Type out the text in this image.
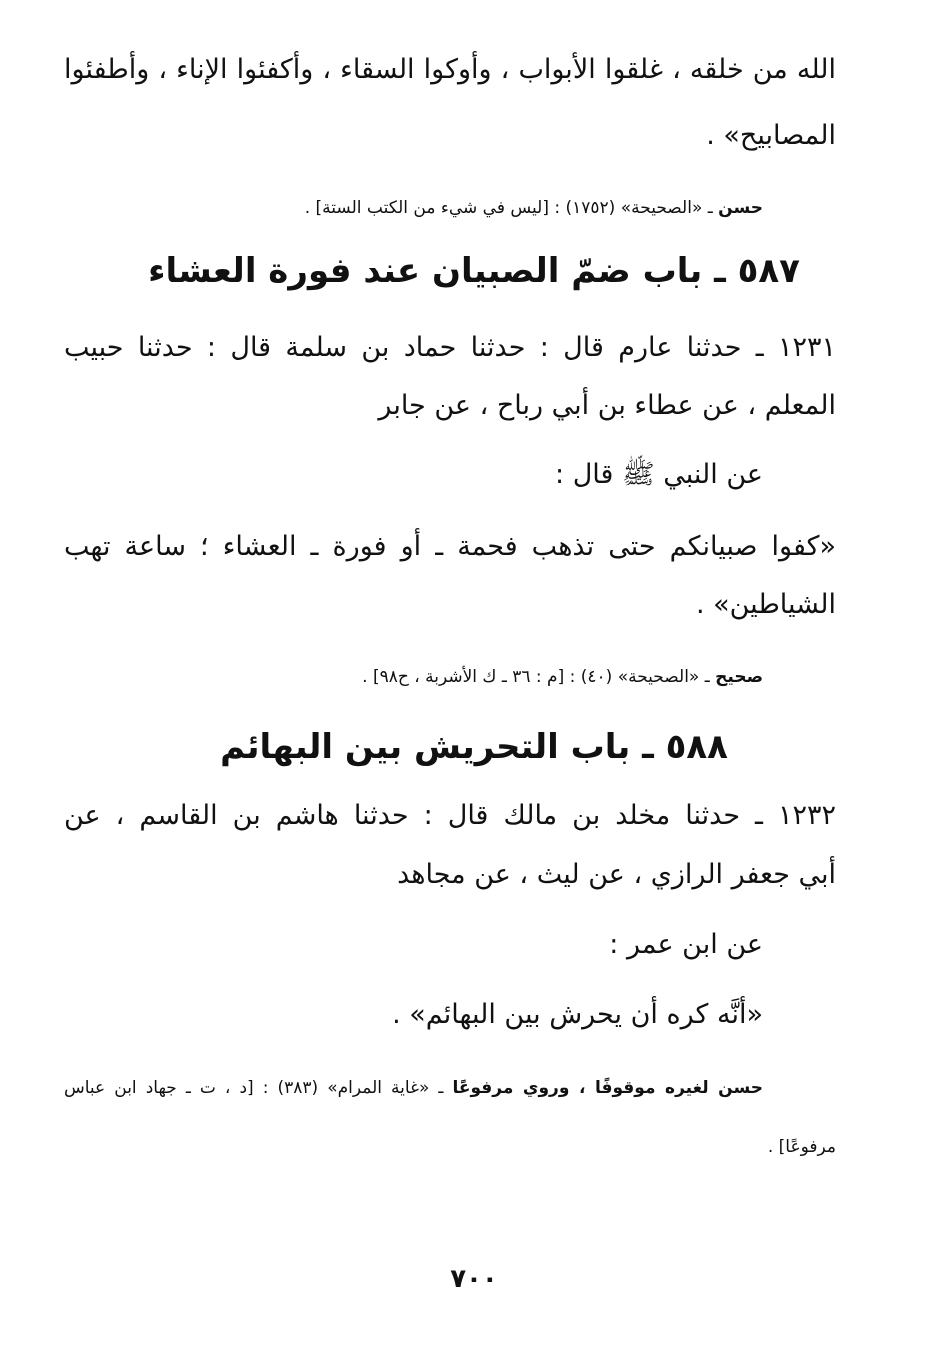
الله من خلقه ، غلقوا الأبواب ، وأوكوا السقاء ، وأكفئوا الإناء ، وأطفئوا
المصابيح» .
حسن ـ «الصحيحة» (١٧٥٢) : [ليس في شيء من الكتب الستة] .
٥٨٧ ـ باب ضمّ الصبيان عند فورة العشاء
١٢٣١ ـ حدثنا عارم قال : حدثنا حماد بن سلمة قال : حدثنا حبيب
المعلم ، عن عطاء بن أبي رباح ، عن جابر
عن النبي ﷺ قال :
«كفوا صبيانكم حتى تذهب فحمة ـ أو فورة ـ العشاء ؛ ساعة تهب
الشياطين» .
صحيح ـ «الصحيحة» (٤٠) : [م : ٣٦ ـ ك الأشربة ، ح٩٨] .
٥٨٨ ـ باب التحريش بين البهائم
١٢٣٢ ـ حدثنا مخلد بن مالك قال : حدثنا هاشم بن القاسم ، عن
أبي جعفر الرازي ، عن ليث ، عن مجاهد
عن ابن عمر :
«أنَّه كره أن يحرش بين البهائم» .
حسن لغيره موقوفًا ، وروي مرفوعًا ـ «غاية المرام» (٣٨٣) : [د ، ت ـ جهاد ابن عباس
مرفوعًا] .
٧٠٠
